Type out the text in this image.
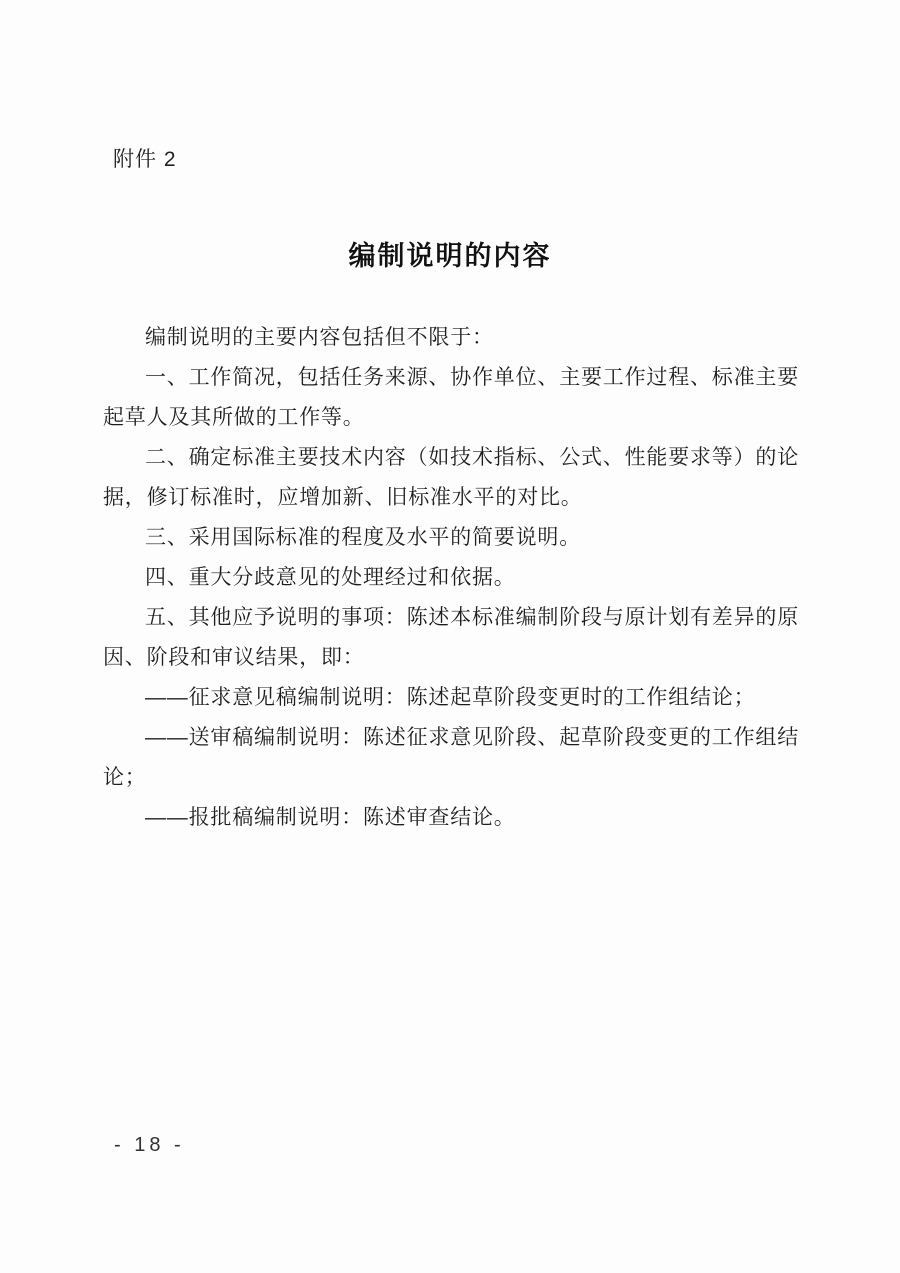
附件 2
编制说明的内容
编制说明的主要内容包括但不限于：
一、工作简况，包括任务来源、协作单位、主要工作过程、标准主要
起草人及其所做的工作等。
二、确定标准主要技术内容（如技术指标、公式、性能要求等）的论
据，修订标准时，应增加新、旧标准水平的对比。
三、采用国际标准的程度及水平的简要说明。
四、重大分歧意见的处理经过和依据。
五、其他应予说明的事项：陈述本标准编制阶段与原计划有差异的原
因、阶段和审议结果，即：
——征求意见稿编制说明：陈述起草阶段变更时的工作组结论；
——送审稿编制说明：陈述征求意见阶段、起草阶段变更的工作组结
论；
——报批稿编制说明：陈述审查结论。
- 18 -
